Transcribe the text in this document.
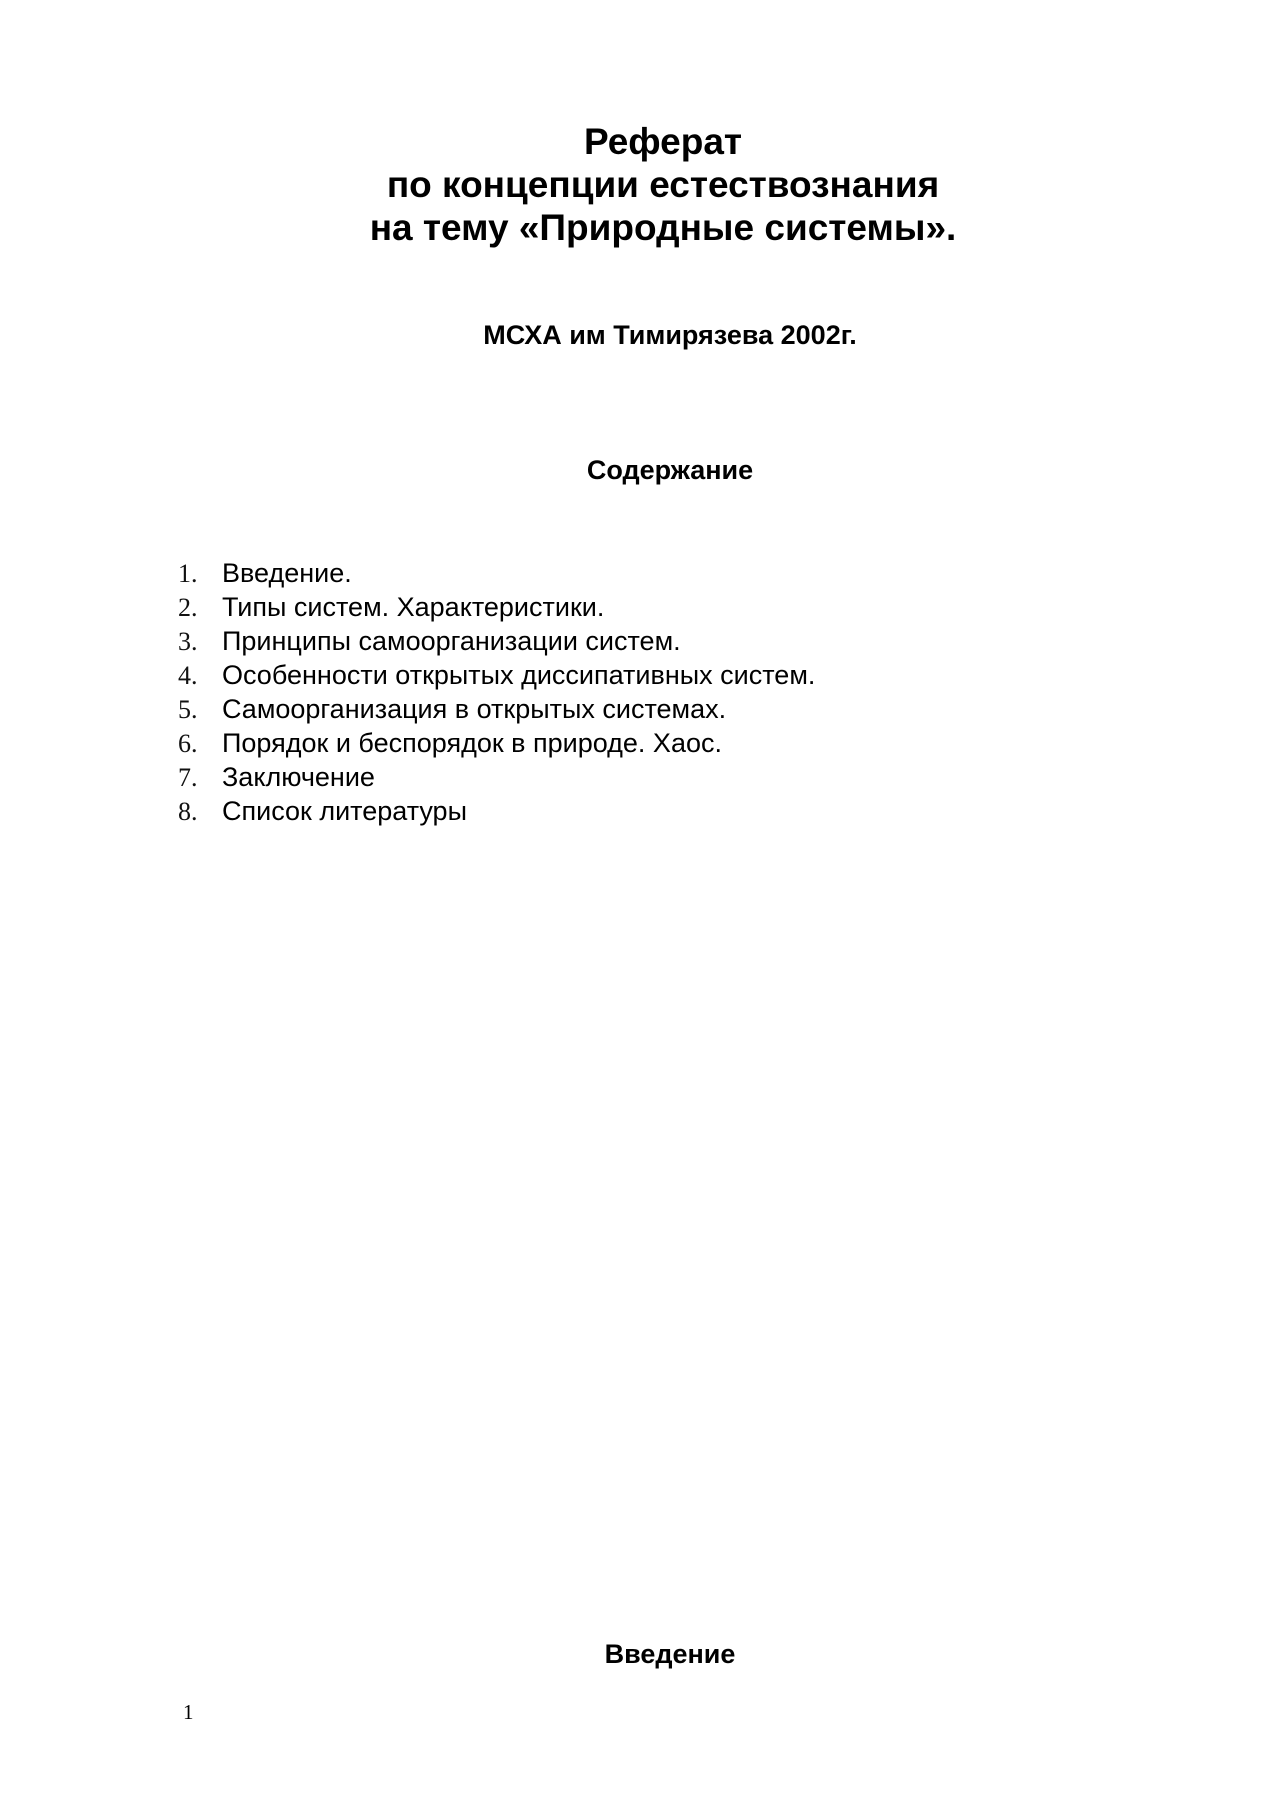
Реферат
по концепции естествознания
на тему «Природные системы».
МСХА им Тимирязева 2002г.
Содержание
1. Введение.
2. Типы систем. Характеристики.
3. Принципы самоорганизации систем.
4. Особенности открытых диссипативных систем.
5. Самоорганизация в открытых системах.
6. Порядок и беспорядок в природе. Хаос.
7. Заключение
8. Список литературы
Введение
1
